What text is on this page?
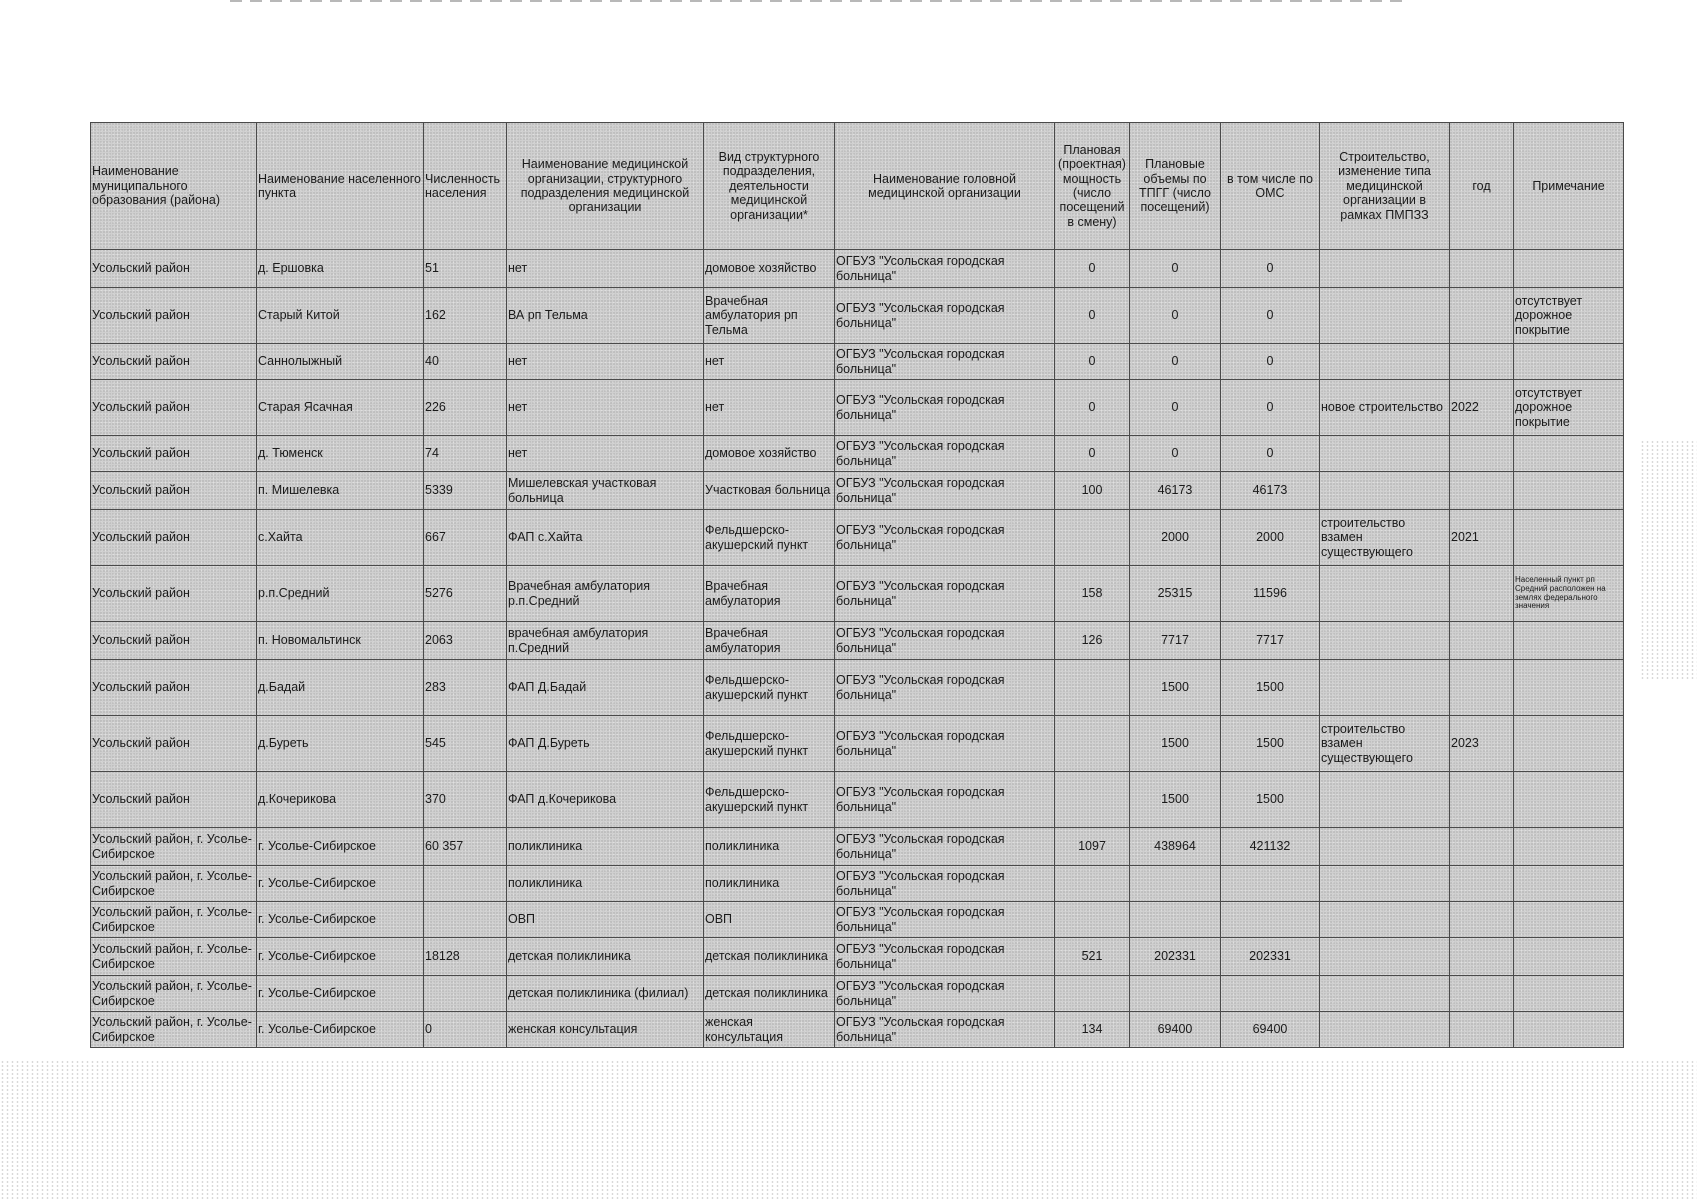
Наименование муниципального образования (района)	Наименование населенного пункта	Численность населения	Наименование медицинской организации, структурного подразделения медицинской организации	Вид структурного подразделения, деятельности медицинской организации*	Наименование головной медицинской организации	Плановая (проектная) мощность (число посещений в смену)	Плановые объемы по ТПГГ (число посещений)	в том числе по ОМС	Строительство, изменение типа медицинской организации в рамках ПМПЗЗ	год	Примечание
Усольский район	д. Ершовка	51	нет	домовое хозяйство	ОГБУЗ "Усольская городская больница"	0	0	0			
Усольский район	Старый Китой	162	ВА рп Тельма	Врачебная амбулатория рп Тельма	ОГБУЗ "Усольская городская больница"	0	0	0			отсутствует дорожное покрытие
Усольский район	Саннолыжный	40	нет	нет	ОГБУЗ "Усольская городская больница"	0	0	0			
Усольский район	Старая Ясачная	226	нет	нет	ОГБУЗ "Усольская городская больница"	0	0	0	новое строительство	2022	отсутствует дорожное покрытие
Усольский район	д. Тюменск	74	нет	домовое хозяйство	ОГБУЗ "Усольская городская больница"	0	0	0			
Усольский район	п. Мишелевка	5339	Мишелевская участковая больница	Участковая больница	ОГБУЗ "Усольская городская больница"	100	46173	46173			
Усольский район	с.Хайта	667	ФАП с.Хайта	Фельдшерско-акушерский пункт	ОГБУЗ "Усольская городская больница"		2000	2000	строительство взамен существующего	2021	
Усольский район	р.п.Средний	5276	Врачебная амбулатория р.п.Средний	Врачебная амбулатория	ОГБУЗ "Усольская городская больница"	158	25315	11596			Населенный пункт рп Средний расположен на землях федерального значения
Усольский район	п. Новомальтинск	2063	врачебная амбулатория п.Средний	Врачебная амбулатория	ОГБУЗ "Усольская городская больница"	126	7717	7717			
Усольский район	д.Бадай	283	ФАП Д.Бадай	Фельдшерско-акушерский пункт	ОГБУЗ "Усольская городская больница"		1500	1500			
Усольский район	д.Буреть	545	ФАП Д.Буреть	Фельдшерско-акушерский пункт	ОГБУЗ "Усольская городская больница"		1500	1500	строительство взамен существующего	2023	
Усольский район	д.Кочерикова	370	ФАП д.Кочерикова	Фельдшерско-акушерский пункт	ОГБУЗ "Усольская городская больница"		1500	1500			
Усольский район, г. Усолье-Сибирское	г. Усолье-Сибирское	60 357	поликлиника	поликлиника	ОГБУЗ "Усольская городская больница"	1097	438964	421132			
Усольский район, г. Усолье-Сибирское	г. Усолье-Сибирское		поликлиника	поликлиника	ОГБУЗ "Усольская городская больница"						
Усольский район, г. Усолье-Сибирское	г. Усолье-Сибирское		ОВП	ОВП	ОГБУЗ "Усольская городская больница"						
Усольский район, г. Усолье-Сибирское	г. Усолье-Сибирское	18128	детская поликлиника	детская поликлиника	ОГБУЗ "Усольская городская больница"	521	202331	202331			
Усольский район, г. Усолье-Сибирское	г. Усолье-Сибирское		детская поликлиника (филиал)	детская поликлиника	ОГБУЗ "Усольская городская больница"						
Усольский район, г. Усолье-Сибирское	г. Усолье-Сибирское	0	женская консультация	женская консультация	ОГБУЗ "Усольская городская больница"	134	69400	69400			
